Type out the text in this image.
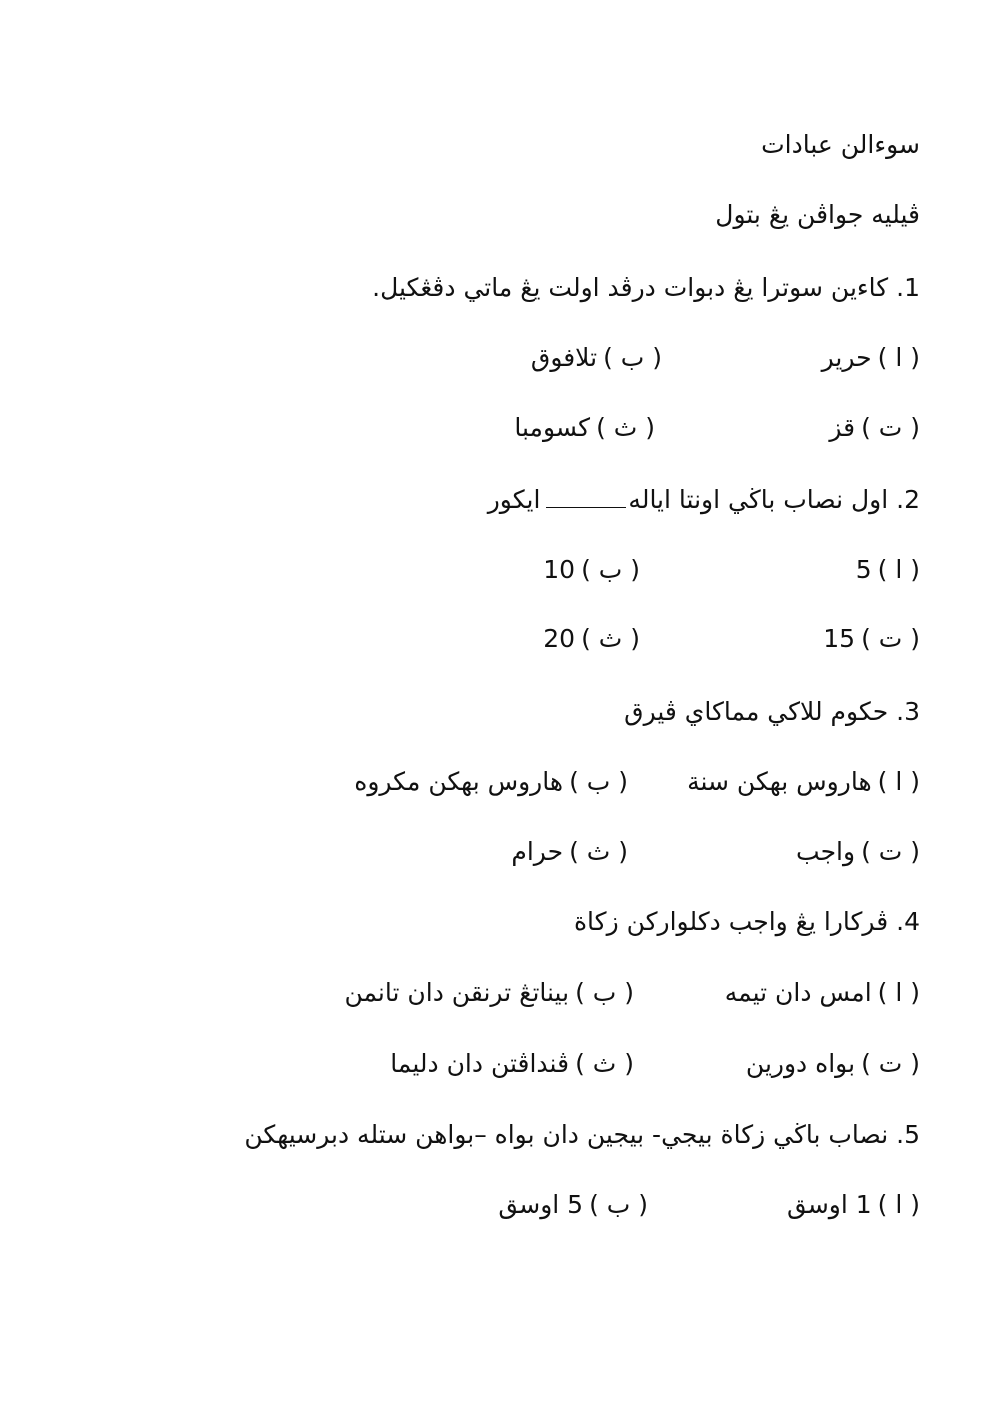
سوءالن عبادات
ڤيليه جواڤن يڠ بتول
1. كاءين سوترا يڠ دبوات درڤد اولت يڠ ماتي دڤڠكيل.
( ا )حرير
( ب )تلافوق
( ت )قز
( ث )كسومبا
2. اول نصاب باڬي اونتا ايالهايكور
( ا )5
( ب )10
( ت )15
( ث )20
3. حكوم للاكي مماكاي ڤيرق
( ا )هاروس بهکن سنة
( ب )هاروس بهکن مكروه
( ت )واجب
( ث )حرام
4. ڤركارا يڠ واجب دكلواركن زكاة
( ا )امس دان تيمه
( ب )بيناتڠ ترنقن دان تانمن
( ت )بواه دورين
( ث )ڤنداڤتن دان دليما
5. نصاب باڬي زكاة بيجي- بيجين دان بواه –بواهن ستله دبرسيهکن
( ا )1 اوسق
( ب )5 اوسق
